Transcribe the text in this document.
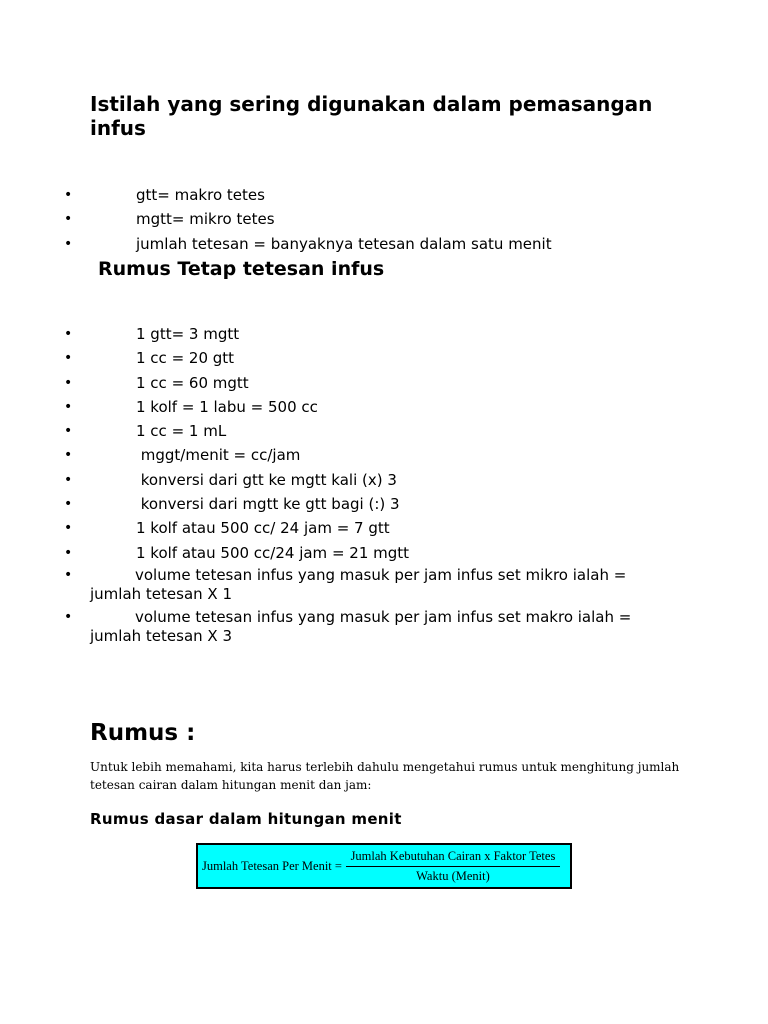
Istilah yang sering digunakan dalam pemasangan infus
•	gtt= makro tetes
•	mgtt= mikro tetes
•	jumlah tetesan = banyaknya tetesan dalam satu menit
Rumus Tetap tetesan infus
•	1 gtt= 3 mgtt
•	1 cc = 20 gtt
•	1 cc = 60 mgtt
•	1 kolf = 1 labu = 500 cc
•	1 cc = 1 mL
•	mggt/menit = cc/jam
•	konversi dari gtt ke mgtt kali (x) 3
•	konversi dari mgtt ke gtt bagi (:) 3
•	1 kolf atau 500 cc/ 24 jam = 7 gtt
•	1 kolf atau 500 cc/24 jam = 21 mgtt
•	volume tetesan infus yang masuk per jam infus set mikro ialah = jumlah tetesan X 1
•	volume tetesan infus yang masuk per jam infus set makro ialah = jumlah tetesan X 3
Rumus :
Untuk lebih memahami, kita harus terlebih dahulu mengetahui rumus untuk menghitung jumlah tetesan cairan dalam hitungan menit dan jam:
Rumus dasar dalam hitungan menit
Jumlah Tetesan Per Menit = $\frac{\text{Jumlah Kebutuhan Cairan x Faktor Tetes}}{\text{Waktu (Menit)}}$
